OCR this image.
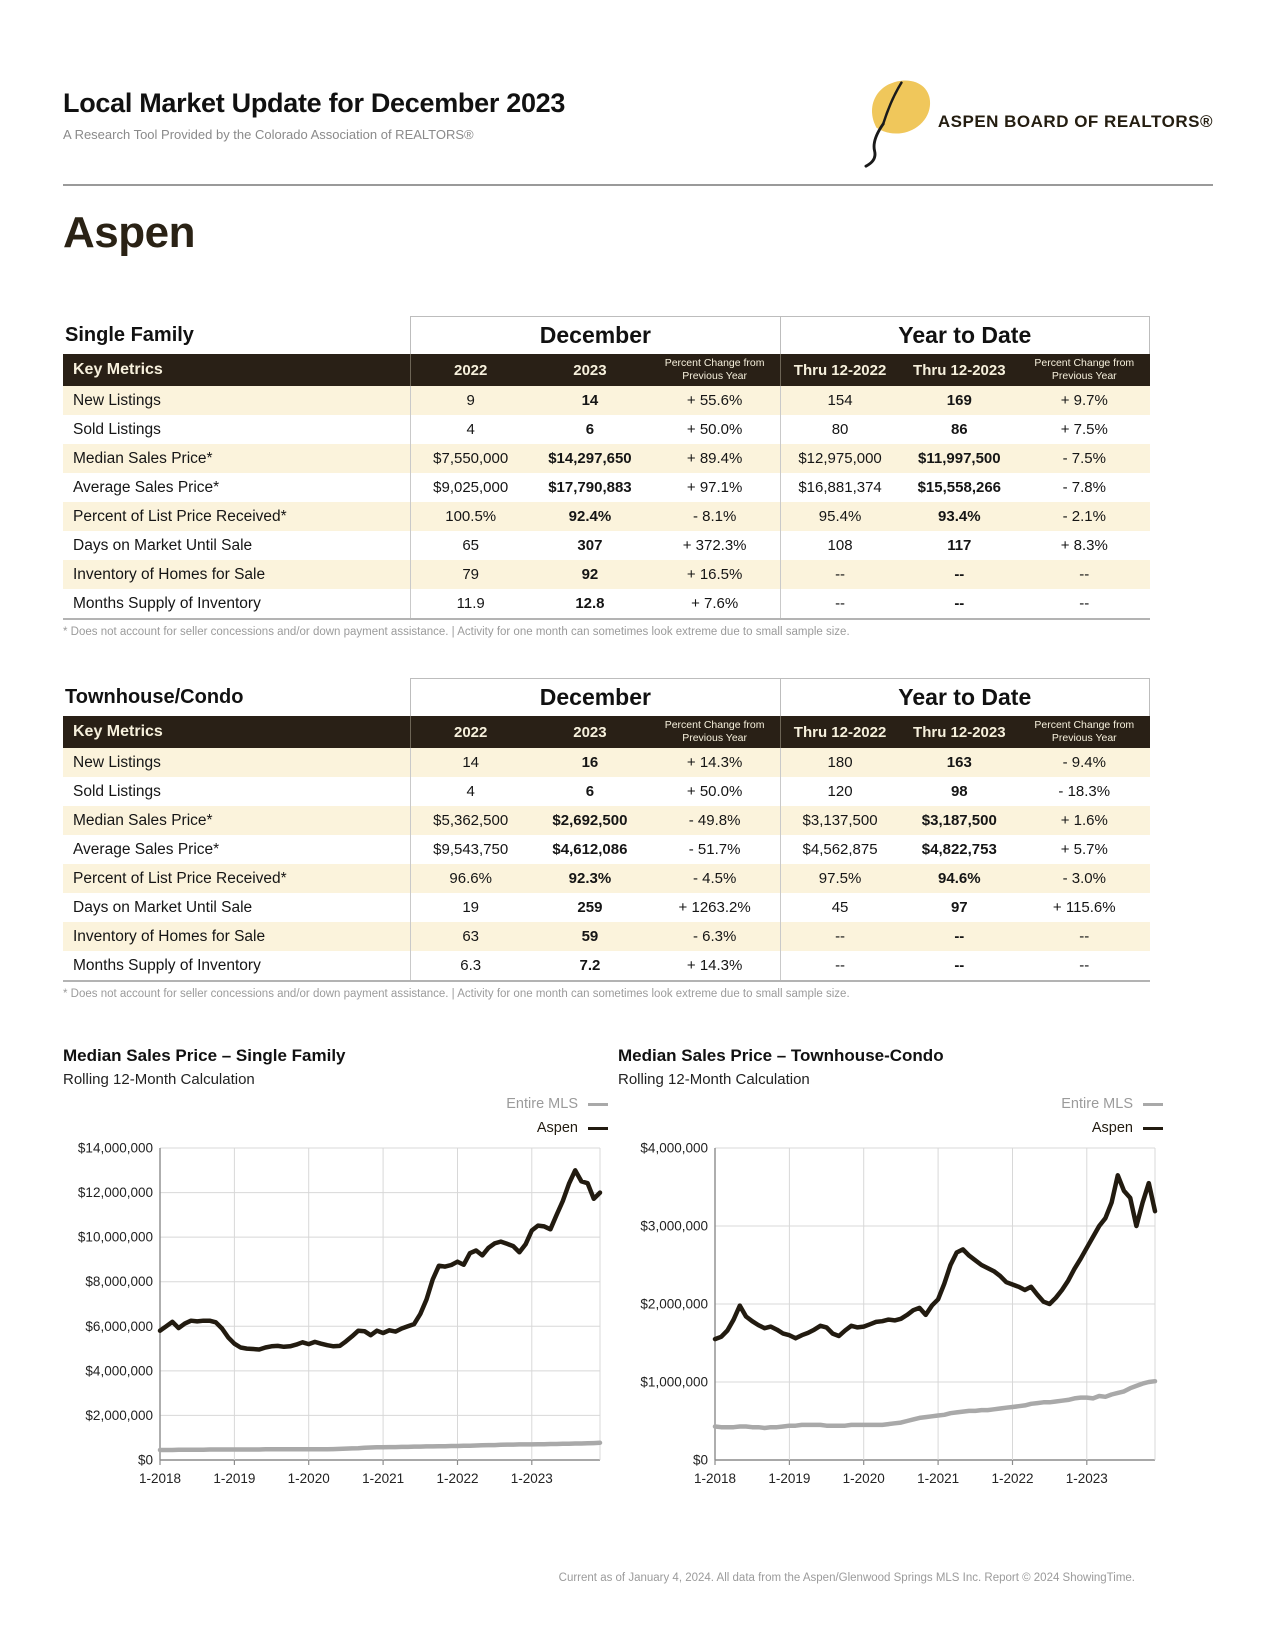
Local Market Update for December 2023
A Research Tool Provided by the Colorado Association of REALTORS®
ASPEN BOARD OF REALTORS®
Aspen
Single Family	December			Year to Date		
Key Metrics	2022	2023	Percent Change from Previous Year	Thru 12-2022	Thru 12-2023	Percent Change from Previous Year
New Listings	9	14	+ 55.6%	154	169	+ 9.7%
Sold Listings	4	6	+ 50.0%	80	86	+ 7.5%
Median Sales Price*	$7,550,000	$14,297,650	+ 89.4%	$12,975,000	$11,997,500	- 7.5%
Average Sales Price*	$9,025,000	$17,790,883	+ 97.1%	$16,881,374	$15,558,266	- 7.8%
Percent of List Price Received*	100.5%	92.4%	- 8.1%	95.4%	93.4%	- 2.1%
Days on Market Until Sale	65	307	+ 372.3%	108	117	+ 8.3%
Inventory of Homes for Sale	79	92	+ 16.5%	--	--	--
Months Supply of Inventory	11.9	12.8	+ 7.6%	--	--	--

* Does not account for seller concessions and/or down payment assistance. | Activity for one month can sometimes look extreme due to small sample size.

Townhouse/Condo	December			Year to Date		
Key Metrics	2022	2023	Percent Change from Previous Year	Thru 12-2022	Thru 12-2023	Percent Change from Previous Year
New Listings	14	16	+ 14.3%	180	163	- 9.4%
Sold Listings	4	6	+ 50.0%	120	98	- 18.3%
Median Sales Price*	$5,362,500	$2,692,500	- 49.8%	$3,137,500	$3,187,500	+ 1.6%
Average Sales Price*	$9,543,750	$4,612,086	- 51.7%	$4,562,875	$4,822,753	+ 5.7%
Percent of List Price Received*	96.6%	92.3%	- 4.5%	97.5%	94.6%	- 3.0%
Days on Market Until Sale	19	259	+ 1263.2%	45	97	+ 115.6%
Inventory of Homes for Sale	63	59	- 6.3%	--	--	--
Months Supply of Inventory	6.3	7.2	+ 14.3%	--	--	--

* Does not account for seller concessions and/or down payment assistance. | Activity for one month can sometimes look extreme due to small sample size.

Median Sales Price – Single Family
Rolling 12-Month Calculation
Entire MLS
Aspen
$0
$2,000,000
$4,000,000
$6,000,000
$8,000,000
$10,000,000
$12,000,000
$14,000,000
1-2018 1-2019 1-2020 1-2021 1-2022 1-2023
Median Sales Price – Townhouse-Condo
Rolling 12-Month Calculation
Entire MLS
Aspen
$0
$1,000,000
$2,000,000
$3,000,000
$4,000,000
1-2018 1-2019 1-2020 1-2021 1-2022 1-2023
Current as of January 4, 2024. All data from the Aspen/Glenwood Springs MLS Inc. Report © 2024 ShowingTime.
